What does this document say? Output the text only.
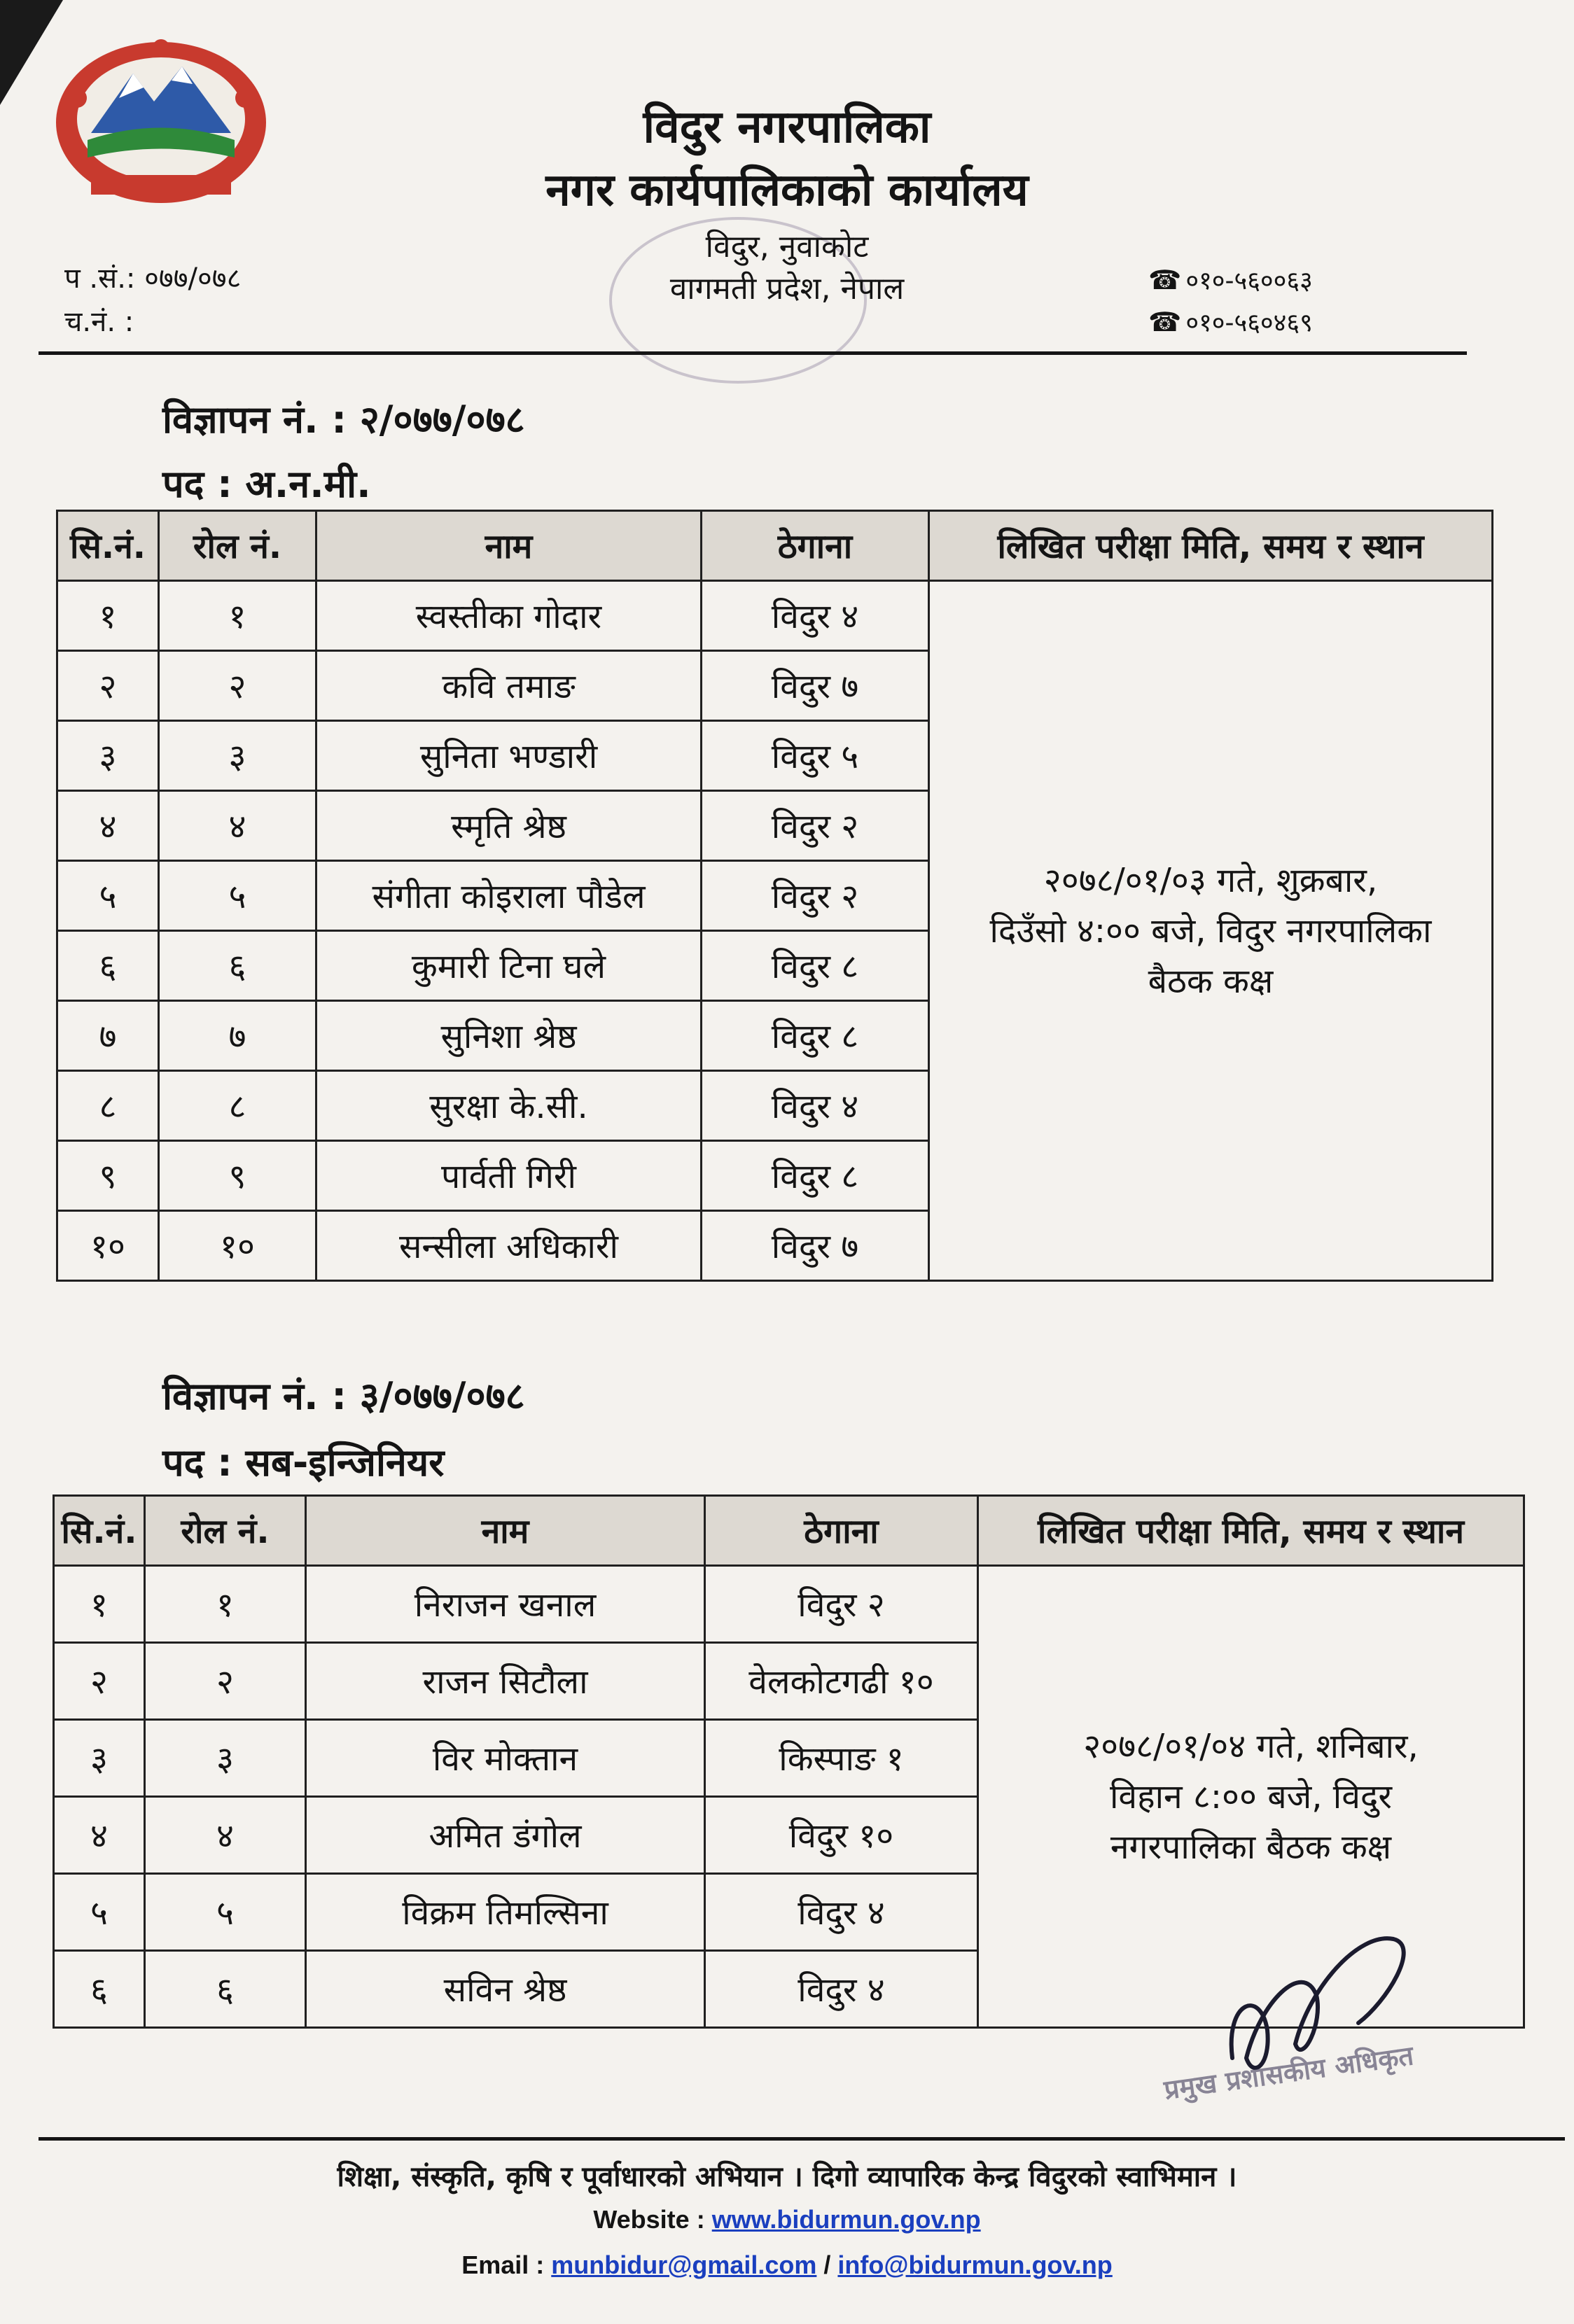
विदुर नगरपालिका
नगर कार्यपालिकाको कार्यालय
विदुर, नुवाकोट
वागमती प्रदेश, नेपाल
प .सं.: ०७७/०७८
च.नं. :
☎ ०१०-५६००६३
☎ ०१०-५६०४६९
विज्ञापन नं. : २/०७७/०७८
पद : अ.न.मी.
सि.नं.	रोल नं.	नाम	ठेगाना	लिखित परीक्षा मिति, समय र स्थान
१	१	स्वस्तीका गोदार	विदुर ४	२०७८/०१/०३ गते, शुक्रबार,
दिउँसो ४:०० बजे, विदुर नगरपालिका
बैठक कक्ष

२	२	कवि तमाङ	विदुर ७	
३	३	सुनिता भण्डारी	विदुर ५	
४	४	स्मृति श्रेष्ठ	विदुर २	
५	५	संगीता कोइराला पौडेल	विदुर २	
६	६	कुमारी टिना घले	विदुर ८	
७	७	सुनिशा श्रेष्ठ	विदुर ८	
८	८	सुरक्षा के.सी.	विदुर ४	
९	९	पार्वती गिरी	विदुर ८	
१०	१०	सन्सीला अधिकारी	विदुर ७	
विज्ञापन नं. : ३/०७७/०७८
पद : सब-इन्जिनियर
सि.नं.	रोल नं.	नाम	ठेगाना	लिखित परीक्षा मिति, समय र स्थान
१	१	निराजन खनाल	विदुर २	२०७८/०१/०४ गते, शनिबार,
विहान ८:०० बजे, विदुर
नगरपालिका बैठक कक्ष

२	२	राजन सिटौला	वेलकोटगढी १०	
३	३	विर मोक्तान	किस्पाङ १	
४	४	अमित डंगोल	विदुर १०	
५	५	विक्रम तिमल्सिना	विदुर ४	
६	६	सविन श्रेष्ठ	विदुर ४	
प्रमुख प्रशासकीय अधिकृत
शिक्षा, संस्कृति, कृषि र पूर्वाधारको अभियान । दिगो व्यापारिक केन्द्र विदुरको स्वाभिमान ।
Website : www.bidurmun.gov.np
Email : munbidur@gmail.com / info@bidurmun.gov.np
